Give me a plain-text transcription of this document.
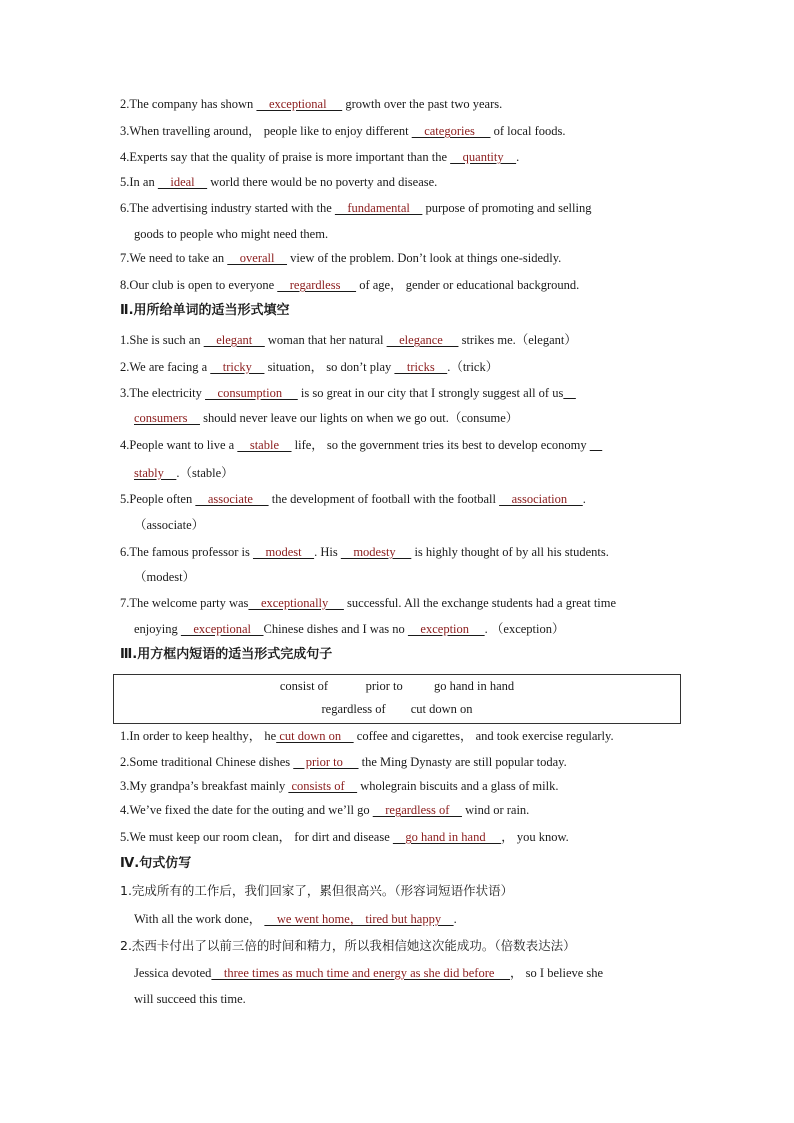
2.The company has shown     exceptional      growth over the past two years.
3.When travelling around， people like to enjoy different     categories      of local foods.
4.Experts say that the quality of praise is more important than the     quantity    .
5.In an     ideal     world there would be no poverty and disease.
6.The advertising industry started with the     fundamental     purpose of promoting and selling
goods to people who might need them.
7.We need to take an     overall     view of the problem. Don’t look at things one-sidedly.
8.Our club is open to everyone     regardless      of age， gender or educational background.
Ⅱ.用所给单词的适当形式填空
1.She is such an     elegant     woman that her natural     elegance      strikes me.（elegant）
2.We are facing a     tricky     situation， so don’t play     tricks    .（trick）
3.The electricity     consumption      is so great in our city that I strongly suggest all of us
consumers     should never leave our lights on when we go out.（consume）
4.People want to live a     stable     life， so the government tries its best to develop economy
stably    .（stable）
5.People often     associate      the development of football with the football     association     .
（associate）
6.The famous professor is     modest    . His     modesty      is highly thought of by all his students.
（modest）
7.The welcome party was    exceptionally      successful. All the exchange students had a great time
enjoying     exceptional    Chinese dishes and I was no     exception     . （exception）
Ⅲ.用方框内短语的适当形式完成句子
consist of            prior to          go hand in hand
regardless of        cut down on
1.In order to keep healthy， he cut down on     coffee and cigarettes， and took exercise regularly.
2.Some traditional Chinese dishes     prior to      the Ming Dynasty are still popular today.
3.My grandpa’s breakfast mainly  consists of     wholegrain biscuits and a glass of milk.
4.We’ve fixed the date for the outing and we’ll go     regardless of     wind or rain.
5.We must keep our room clean， for dirt and disease     go hand in hand     ， you know.
Ⅳ.句式仿写
1.完成所有的工作后，我们回家了，累但很高兴。（形容词短语作状语）
With all the work done，     we went home， tired but happy    .
2.杰西卡付出了以前三倍的时间和精力，所以我相信她这次能成功。（倍数表达法）
Jessica devoted    three times as much time and energy as she did before     ， so I believe she
will succeed this time.
